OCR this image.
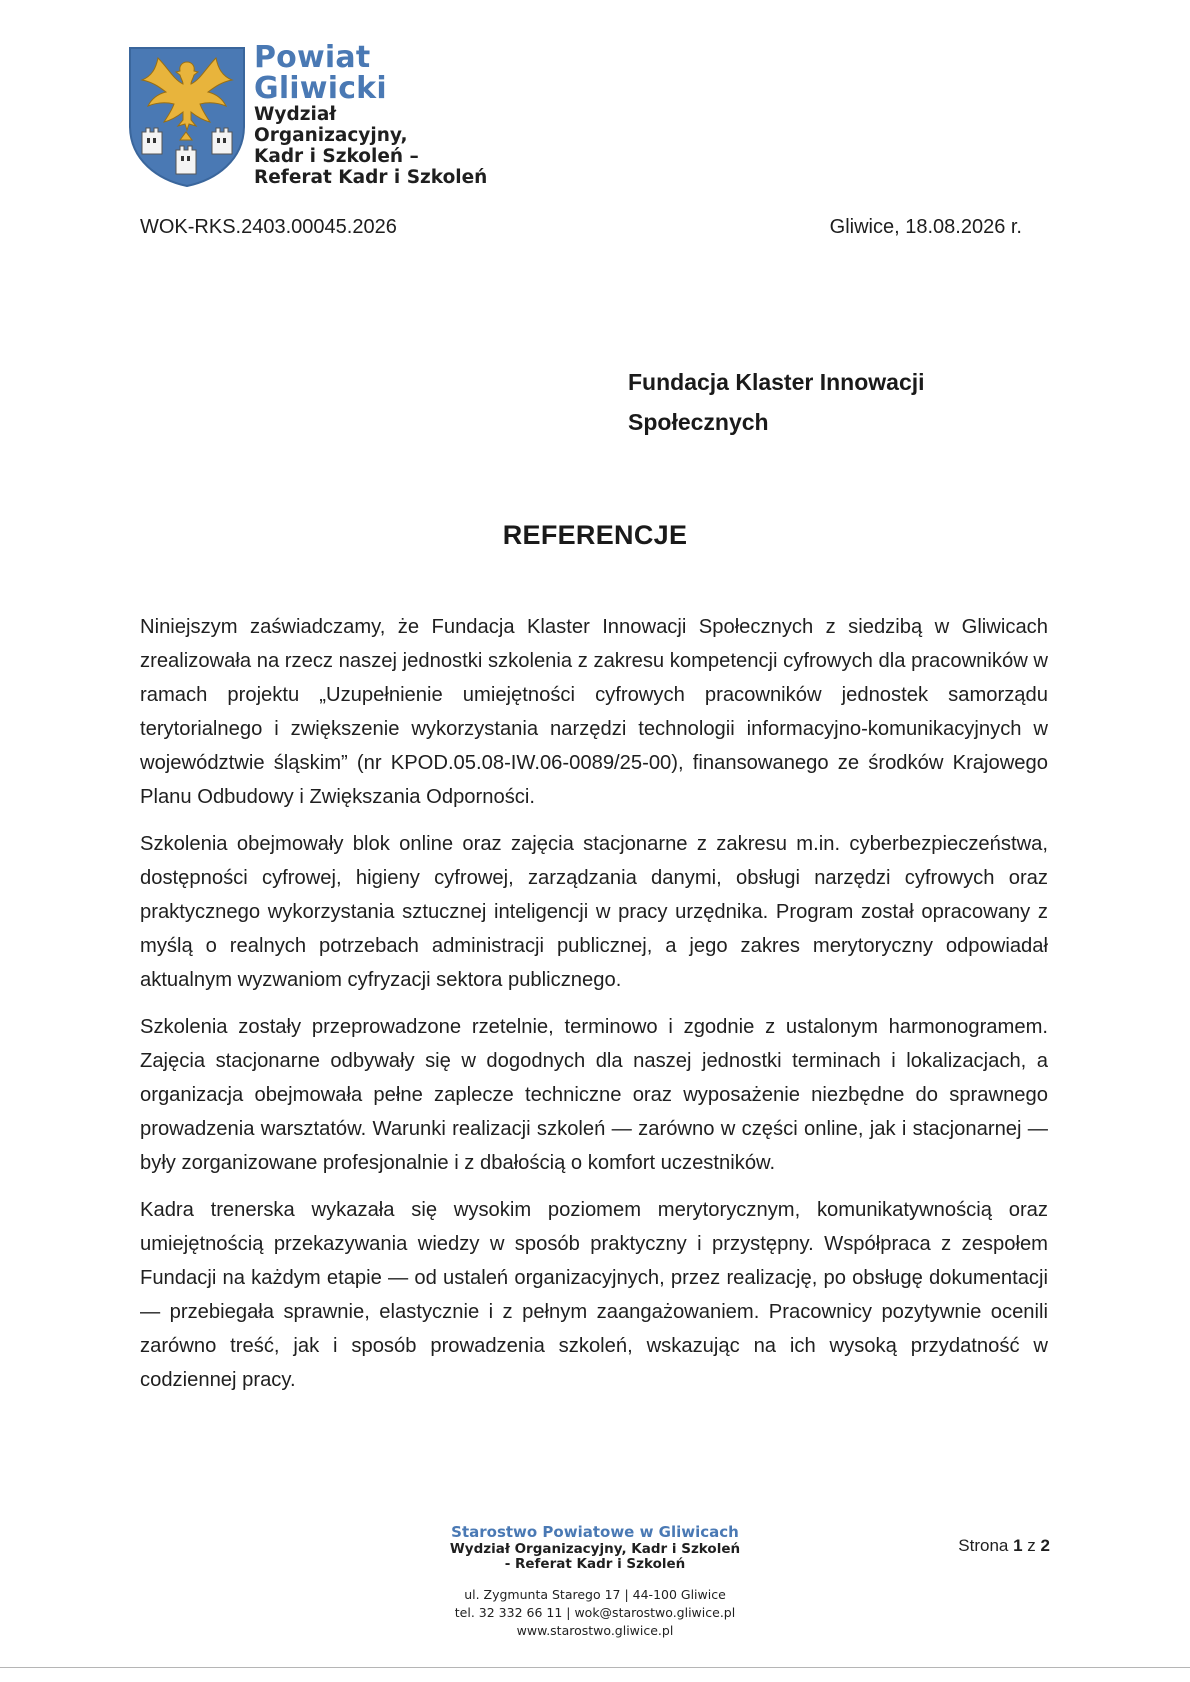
Powiat
Gliwicki
Wydział
Organizacyjny,
Kadr i Szkoleń –
Referat Kadr i Szkoleń
WOK-RKS.2403.00045.2026	Gliwice, 18.08.2026 r.
Fundacja Klaster Innowacji
Społecznych
REFERENCJE

Niniejszym zaświadczamy, że Fundacja Klaster Innowacji Społecznych z siedzibą w Gliwicach zrealizowała na rzecz naszej jednostki szkolenia z zakresu kompetencji cyfrowych dla pracowników w ramach projektu „Uzupełnienie umiejętności cyfrowych pracowników jednostek samorządu terytorialnego i zwiększenie wykorzystania narzędzi technologii informacyjno-komunikacyjnych w województwie śląskim” (nr KPOD.05.08-IW.06-0089/25-00), finansowanego ze środków Krajowego Planu Odbudowy i Zwiększania Odporności.

Szkolenia obejmowały blok online oraz zajęcia stacjonarne z zakresu m.in. cyberbezpieczeństwa, dostępności cyfrowej, higieny cyfrowej, zarządzania danymi, obsługi narzędzi cyfrowych oraz praktycznego wykorzystania sztucznej inteligencji w pracy urzędnika. Program został opracowany z myślą o realnych potrzebach administracji publicznej, a jego zakres merytoryczny odpowiadał aktualnym wyzwaniom cyfryzacji sektora publicznego.

Szkolenia zostały przeprowadzone rzetelnie, terminowo i zgodnie z ustalonym harmonogramem. Zajęcia stacjonarne odbywały się w dogodnych dla naszej jednostki terminach i lokalizacjach, a organizacja obejmowała pełne zaplecze techniczne oraz wyposażenie niezbędne do sprawnego prowadzenia warsztatów. Warunki realizacji szkoleń — zarówno w części online, jak i stacjonarnej — były zorganizowane profesjonalnie i z dbałością o komfort uczestników.

Kadra trenerska wykazała się wysokim poziomem merytorycznym, komunikatywnością oraz umiejętnością przekazywania wiedzy w sposób praktyczny i przystępny. Współpraca z zespołem Fundacji na każdym etapie — od ustaleń organizacyjnych, przez realizację, po obsługę dokumentacji — przebiegała sprawnie, elastycznie i z pełnym zaangażowaniem. Pracownicy pozytywnie ocenili zarówno treść, jak i sposób prowadzenia szkoleń, wskazując na ich wysoką przydatność w codziennej pracy.

Starostwo Powiatowe w Gliwicach
Wydział Organizacyjny, Kadr i Szkoleń
- Referat Kadr i Szkoleń
ul. Zygmunta Starego 17 | 44-100 Gliwice
tel. 32 332 66 11 | wok@starostwo.gliwice.pl
www.starostwo.gliwice.pl
Strona 1 z 2
